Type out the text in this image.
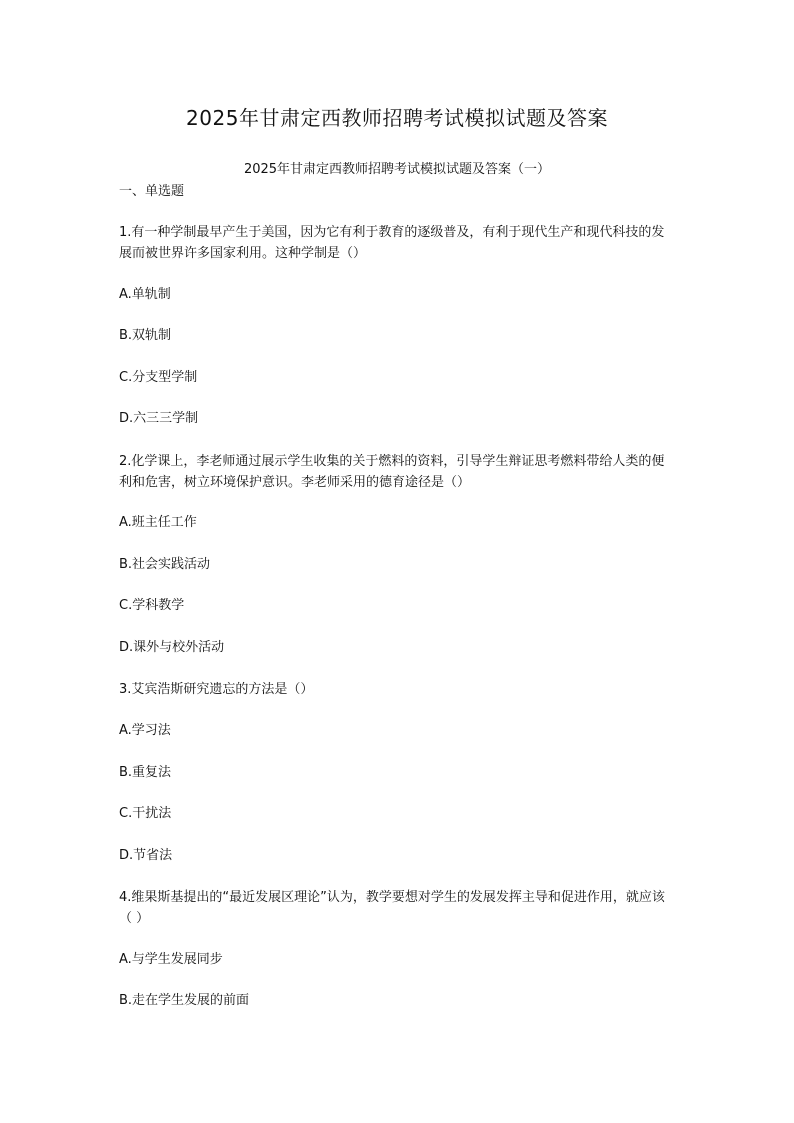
2025年甘肃定西教师招聘考试模拟试题及答案
2025年甘肃定西教师招聘考试模拟试题及答案（一）
一、单选题
1.有一种学制最早产生于美国，因为它有利于教育的逐级普及，有利于现代生产和现代科技的发展而被世界许多国家利用。这种学制是（）
A.单轨制
B.双轨制
C.分支型学制
D.六三三学制
2.化学课上，李老师通过展示学生收集的关于燃料的资料，引导学生辩证思考燃料带给人类的便利和危害，树立环境保护意识。李老师采用的德育途径是（）
A.班主任工作
B.社会实践活动
C.学科教学
D.课外与校外活动
3.艾宾浩斯研究遗忘的方法是（）
A.学习法
B.重复法
C.干扰法
D.节省法
4.维果斯基提出的“最近发展区理论”认为，教学要想对学生的发展发挥主导和促进作用，就应该（ ）
A.与学生发展同步
B.走在学生发展的前面
